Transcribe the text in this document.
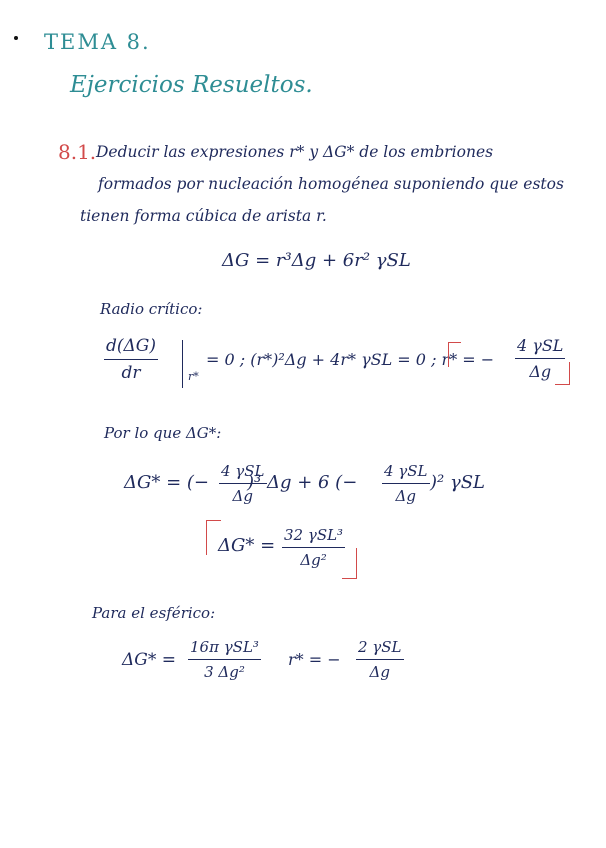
TEMA 8.
Ejercicios Resueltos.
8.1. Deducir las expresiones r* y ΔG* de los embriones
formados por nucleación homogénea suponiendo que estos
tienen forma cúbica de arista r.
ΔG = r³Δg + 6r² γSL
Radio crítico:
d(ΔG)
dr	r*
= 0 ; (r*)²Δg + 4r* γSL = 0 ; r* = −
4 γSL
Δg
Por lo que ΔG*:
ΔG* = (−
4 γSL
Δg
)³ Δg + 6 (−
4 γSL
Δg
)² γSL
ΔG* = 32 γSL³
Δg²
Para el esférico:
ΔG* =
16π γSL³
3 Δg²
r* = −
2 γSL
Δg
